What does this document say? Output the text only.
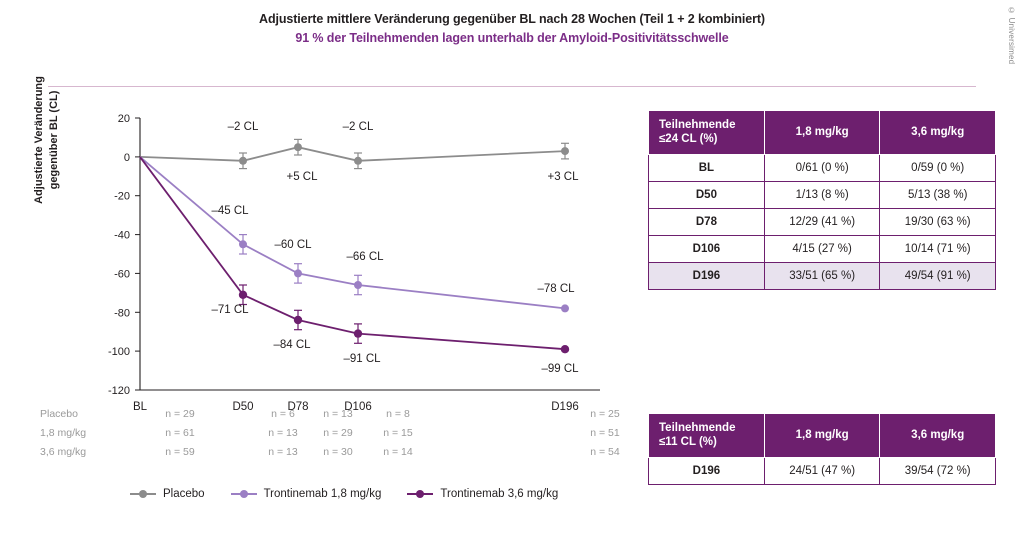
© Universimed
Adjustierte mittlere Veränderung gegenüber BL nach 28 Wochen (Teil 1 + 2 kombiniert)
91 % der Teilnehmenden lagen unterhalb der Amyloid-Positivitätsschwelle
Adjustierte Veränderung gegenüber BL (CL)	20
0
-20
-40
-60
-80
-100
-120
BL	D50	D78	D106	D196
–2 CL
+5 CL
–2 CL
+3 CL
–45 CL
–60 CL
–66 CL
–78 CL
–71 CL
–84 CL
–91 CL
–99 CL
Placebo	n = 29	n = 6	n = 13	n = 8	n = 25
1,8 mg/kg	n = 61	n = 13	n = 29	n = 15	n = 51
3,6 mg/kg	n = 59	n = 13	n = 30	n = 14	n = 54
Placebo	Trontinemab 1,8 mg/kg	Trontinemab 3,6 mg/kg
Teilnehmende
≤24 CL (%)	1,8 mg/kg	3,6 mg/kg
BL	0/61 (0 %)	0/59 (0 %)
D50	1/13 (8 %)	5/13 (38 %)
D78	12/29 (41 %)	19/30 (63 %)
D106	4/15 (27 %)	10/14 (71 %)
D196	33/51 (65 %)	49/54 (91 %)
Teilnehmende
≤11 CL (%)	1,8 mg/kg	3,6 mg/kg
D196	24/51 (47 %)	39/54 (72 %)
